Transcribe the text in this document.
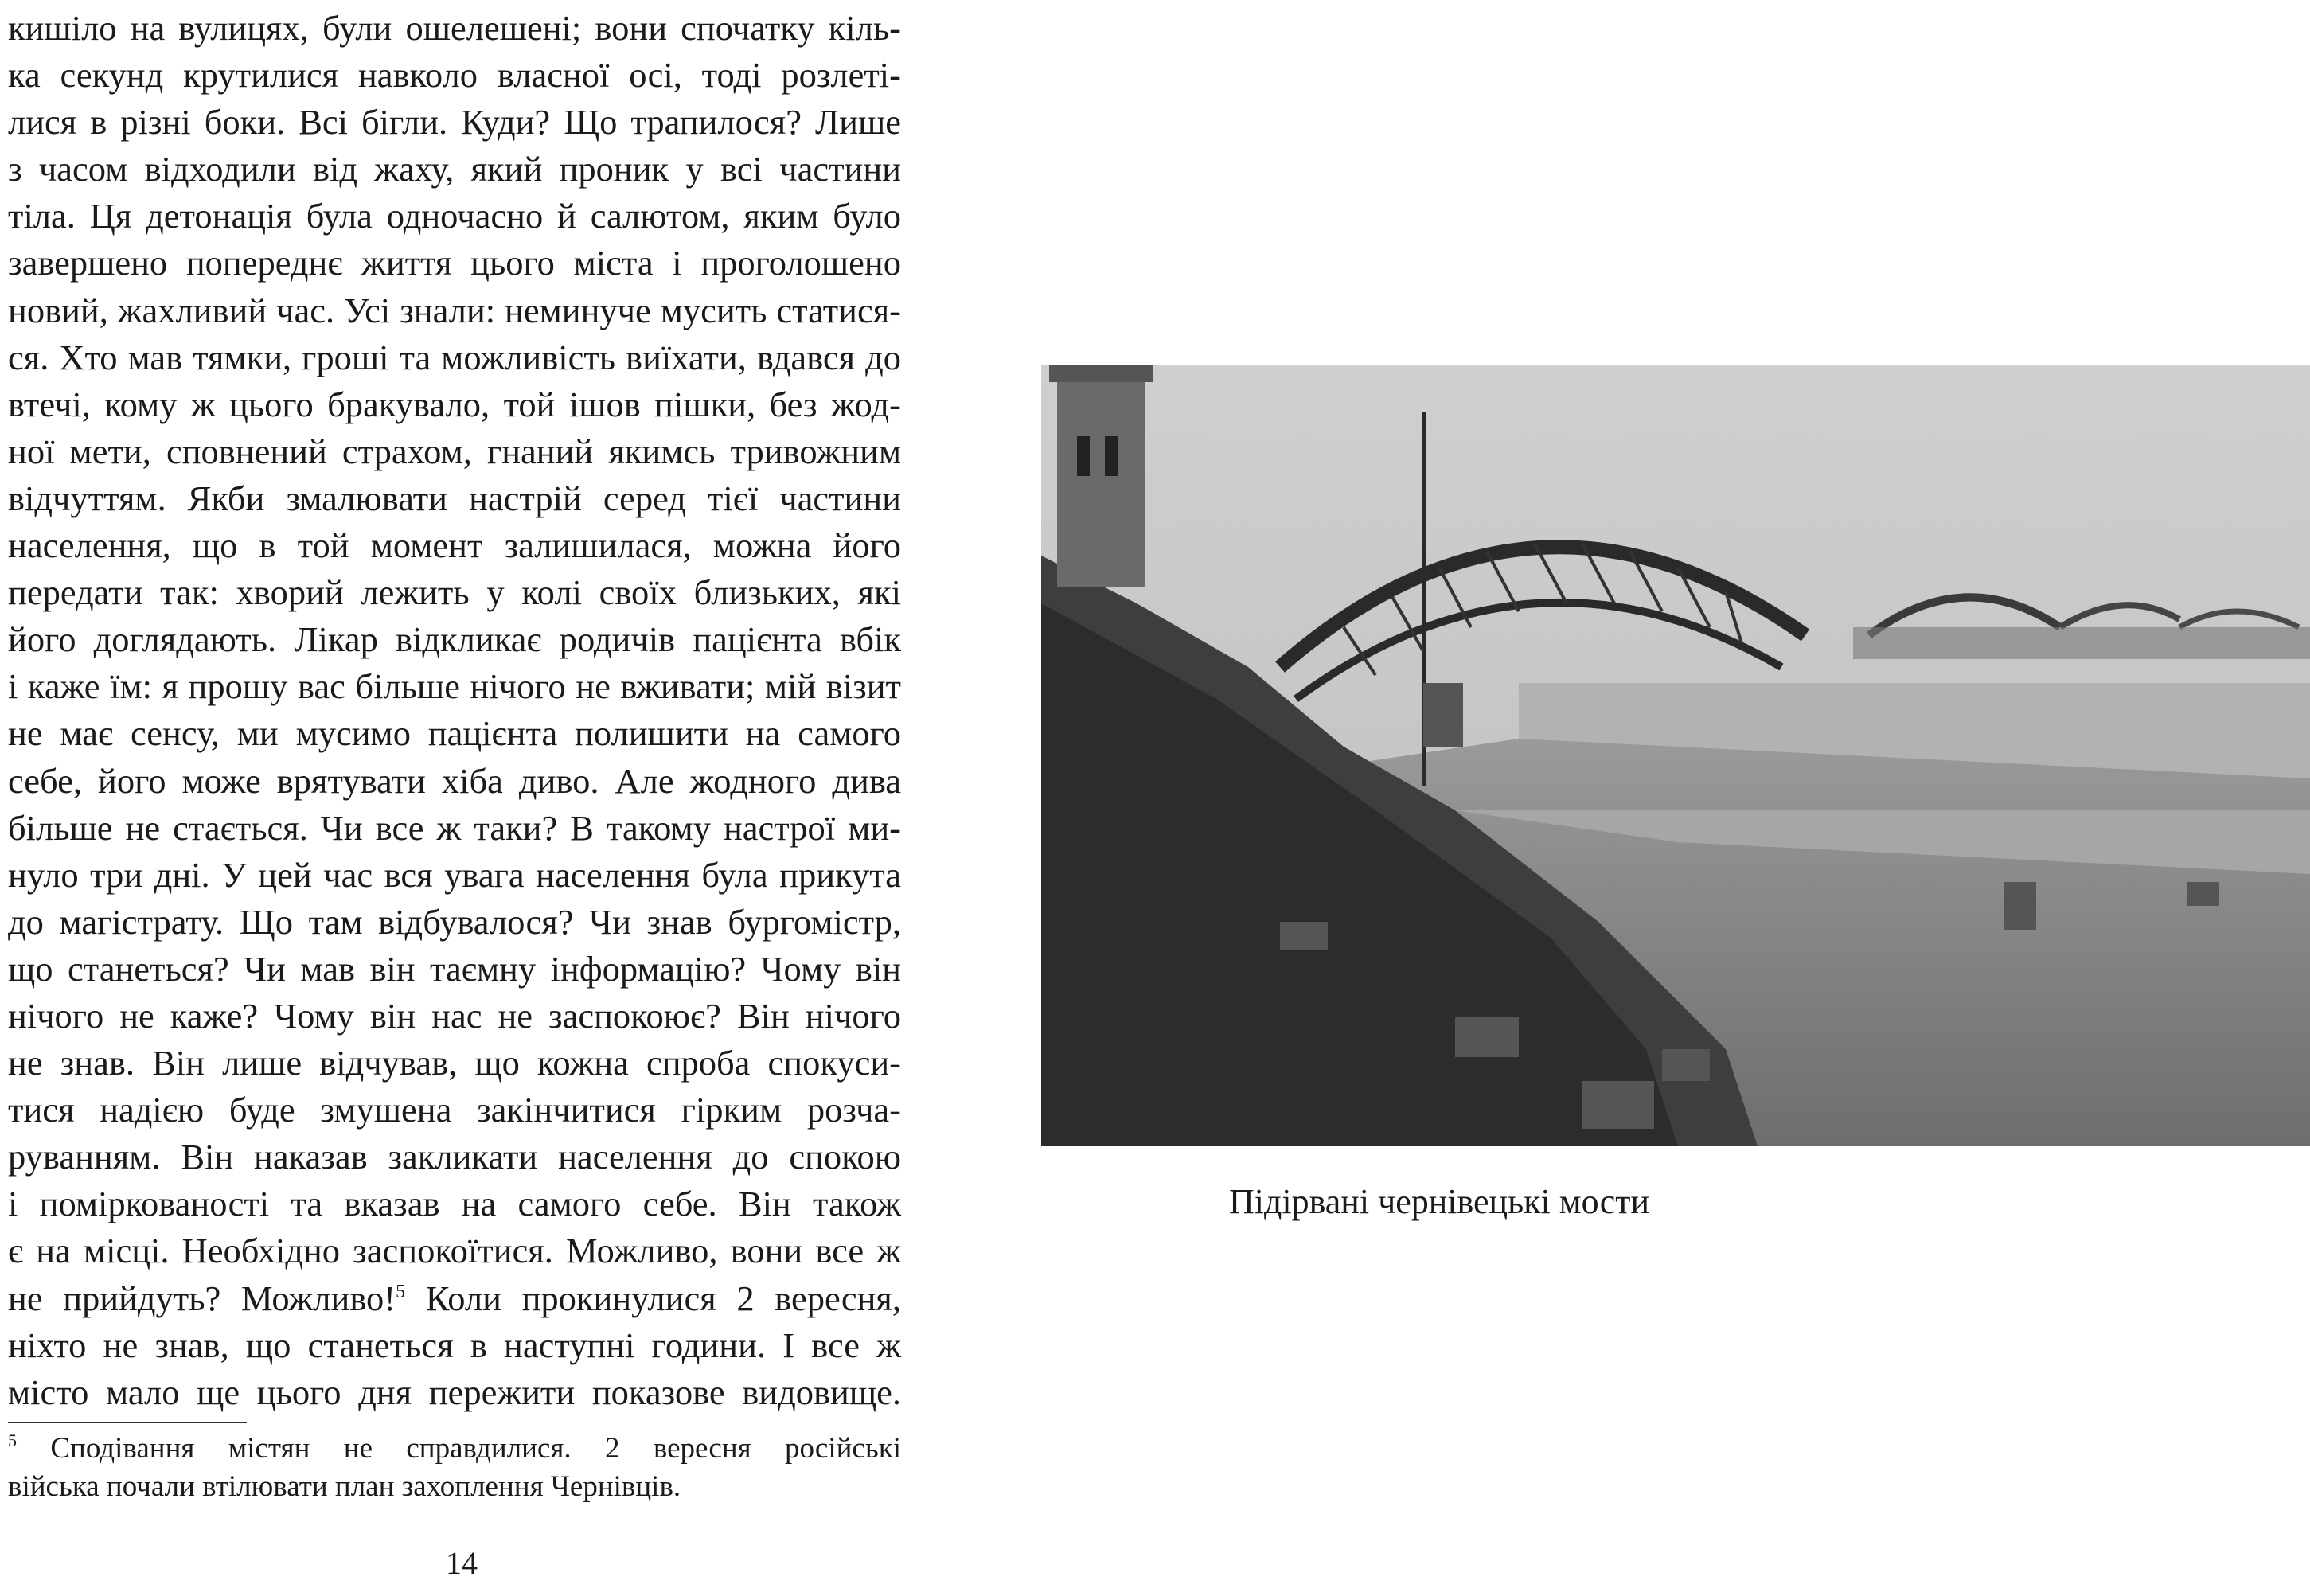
кишіло на вулицях, були ошелешені; вони спочатку кіль-
ка секунд крутилися навколо власної осі, тоді розлеті-
лися в різні боки. Всі бігли. Куди? Що трапилося? Лише
з часом відходили від жаху, який проник у всі частини
тіла. Ця детонація була одночасно й салютом, яким було
завершено попереднє життя цього міста і проголошено
новий, жахливий час. Усі знали: неминуче мусить статися-
ся. Хто мав тямки, гроші та можливість виїхати, вдався до
втечі, кому ж цього бракувало, той ішов пішки, без жод-
ної мети, сповнений страхом, гнаний якимсь тривожним
відчуттям. Якби змалювати настрій серед тієї частини
населення, що в той момент залишилася, можна його
передати так: хворий лежить у колі своїх близьких, які
його доглядають. Лікар відкликає родичів пацієнта вбік
і каже їм: я прошу вас більше нічого не вживати; мій візит
не має сенсу, ми мусимо пацієнта полишити на самого
себе, його може врятувати хіба диво. Але жодного дива
більше не стається. Чи все ж таки? В такому настрої ми-
нуло три дні. У цей час вся увага населення була прикута
до магістрату. Що там відбувалося? Чи знав бургомістр,
що станеться? Чи мав він таємну інформацію? Чому він
нічого не каже? Чому він нас не заспокоює? Він нічого
не знав. Він лише відчував, що кожна спроба спокуси-
тися надією буде змушена закінчитися гірким розча-
руванням. Він наказав закликати населення до спокою
і поміркованості та вказав на самого себе. Він також
є на місці. Необхідно заспокоїтися. Можливо, вони все ж
не прийдуть? Можливо!$^5$ Коли прокинулися 2 вересня,
ніхто не знав, що станеться в наступні години. І все ж
місто мало ще цього дня пережити показове видовище.
$^5$ Сподівання містян не справдилися. 2 вересня російські
війська почали втілювати план захоплення Чернівців.
14
Підірвані чернівецькі мости
